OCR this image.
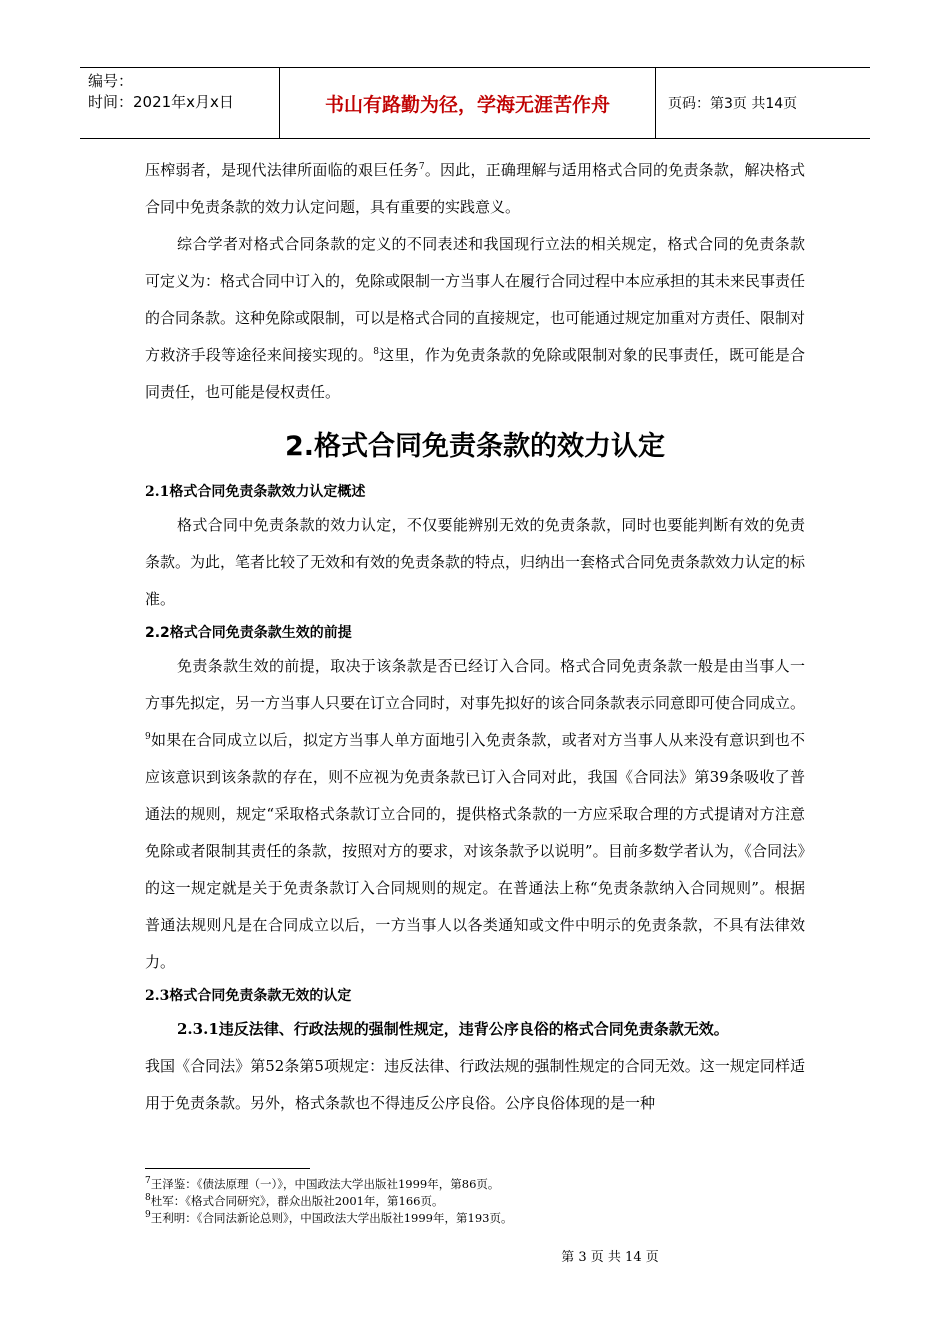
编号：
时间：2021年x月x日	书山有路勤为径，学海无涯苦作舟	页码：第3页 共14页

压榨弱者，是现代法律所面临的艰巨任务$^7$。因此，正确理解与适用格式合同的免责条款，解决格式合同中免责条款的效力认定问题，具有重要的实践意义。

综合学者对格式合同条款的定义的不同表述和我国现行立法的相关规定，格式合同的免责条款可定义为：格式合同中订入的，免除或限制一方当事人在履行合同过程中本应承担的其未来民事责任的合同条款。这种免除或限制，可以是格式合同的直接规定，也可能通过规定加重对方责任、限制对方救济手段等途径来间接实现的。$^8$这里，作为免责条款的免除或限制对象的民事责任，既可能是合同责任，也可能是侵权责任。

2.格式合同免责条款的效力认定

2.1格式合同免责条款效力认定概述

格式合同中免责条款的效力认定，不仅要能辨别无效的免责条款，同时也要能判断有效的免责条款。为此，笔者比较了无效和有效的免责条款的特点，归纳出一套格式合同免责条款效力认定的标准。

2.2格式合同免责条款生效的前提

免责条款生效的前提，取决于该条款是否已经订入合同。格式合同免责条款一般是由当事人一方事先拟定，另一方当事人只要在订立合同时，对事先拟好的该合同条款表示同意即可使合同成立。$^9$如果在合同成立以后，拟定方当事人单方面地引入免责条款，或者对方当事人从来没有意识到也不应该意识到该条款的存在，则不应视为免责条款已订入合同对此，我国《合同法》第39条吸收了普通法的规则，规定“采取格式条款订立合同的，提供格式条款的一方应采取合理的方式提请对方注意免除或者限制其责任的条款，按照对方的要求，对该条款予以说明”。目前多数学者认为，《合同法》的这一规定就是关于免责条款订入合同规则的规定。在普通法上称“免责条款纳入合同规则”。根据普通法规则凡是在合同成立以后，一方当事人以各类通知或文件中明示的免责条款，不具有法律效力。

2.3格式合同免责条款无效的认定

2.3.1违反法律、行政法规的强制性规定，违背公序良俗的格式合同免责条款无效。

我国《合同法》第52条第5项规定：违反法律、行政法规的强制性规定的合同无效。这一规定同样适用于免责条款。另外，格式条款也不得违反公序良俗。公序良俗体现的是一种

$^7$王泽鉴：《债法原理（一）》，中国政法大学出版社1999年，第86页。
$^8$杜军：《格式合同研究》，群众出版社2001年，第166页。
$^9$王利明：《合同法新论总则》，中国政法大学出版社1999年，第193页。
第 3 页 共 14 页
